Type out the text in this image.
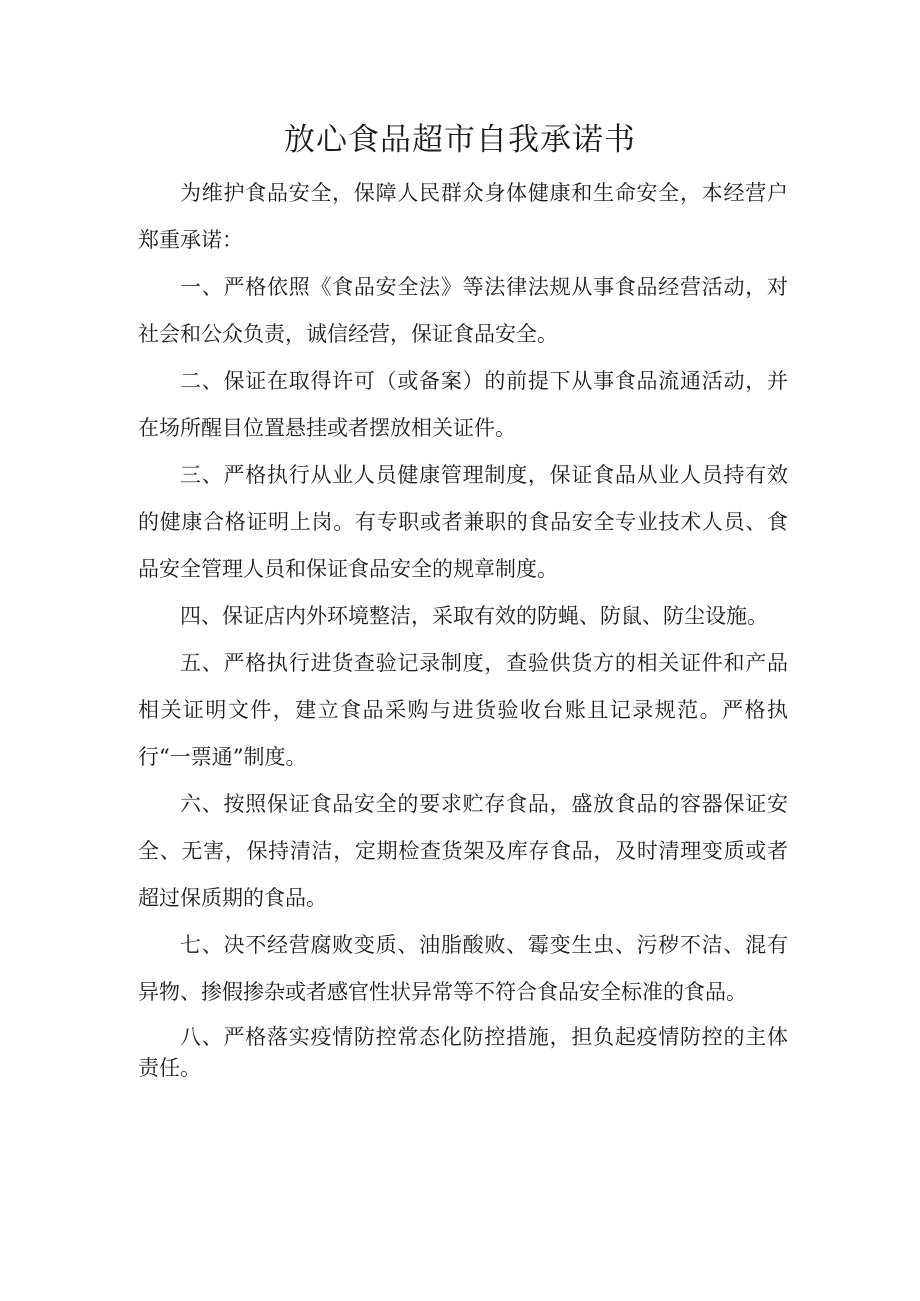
放心食品超市自我承诺书

为维护食品安全，保障人民群众身体健康和生命安全，本经营户郑重承诺：

一、严格依照《食品安全法》等法律法规从事食品经营活动，对社会和公众负责，诚信经营，保证食品安全。

二、保证在取得许可（或备案）的前提下从事食品流通活动，并在场所醒目位置悬挂或者摆放相关证件。

三、严格执行从业人员健康管理制度，保证食品从业人员持有效的健康合格证明上岗。有专职或者兼职的食品安全专业技术人员、食品安全管理人员和保证食品安全的规章制度。

四、保证店内外环境整洁，采取有效的防蝇、防鼠、防尘设施。

五、严格执行进货查验记录制度，查验供货方的相关证件和产品相关证明文件，建立食品采购与进货验收台账且记录规范。严格执行“一票通”制度。

六、按照保证食品安全的要求贮存食品，盛放食品的容器保证安全、无害，保持清洁，定期检查货架及库存食品，及时清理变质或者超过保质期的食品。

七、决不经营腐败变质、油脂酸败、霉变生虫、污秽不洁、混有异物、掺假掺杂或者感官性状异常等不符合食品安全标准的食品。

八、严格落实疫情防控常态化防控措施，担负起疫情防控的主体责任。
